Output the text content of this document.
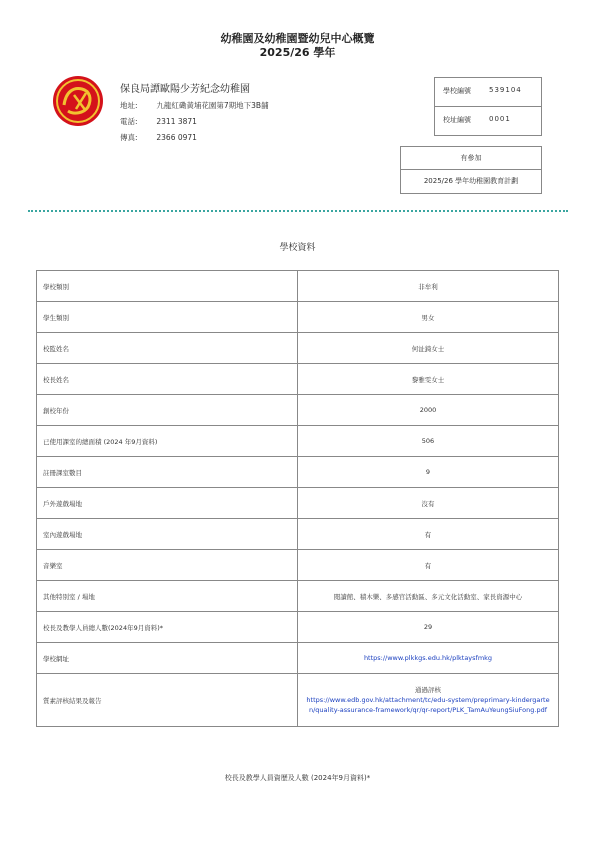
幼稚園及幼稚園暨幼兒中心概覽
2025/26 學年
保良局譚歐陽少芳紀念幼稚園
地址:	九龍紅磡黃埔花園第7期地下3B舖
電話:	2311 3871
傳真:	2366 0971
學校編號	539104
校址編號	0001
有參加
2025/26 學年幼稚園教育計劃
學校資料
學校類別	非牟利
學生類別	男女
校監姓名	何沚錡女士
校長姓名	黎雅雯女士
創校年份	2000
已使用課室的總面積 (2024 年9月資料)	506
註冊課室數目	9
戶外遊戲場地	沒有
室內遊戲場地	有
音樂室	有
其他特別室 / 場地	閱讀館、積木樂、多感官活動區、多元文化活動室、家長資源中心
校長及教學人員總人數(2024年9月資料)*	29
學校網址	https://www.plkkgs.edu.hk/plktaysfmkg
質素評核結果及報告	通過評核
https://www.edb.gov.hk/attachment/tc/edu-system/preprimary-kindergarten/quality-assurance-framework/qr/qr-report/PLK_TamAuYeungSiuFong.pdf
校長及教學人員資歷及人數 (2024年9月資料)*
